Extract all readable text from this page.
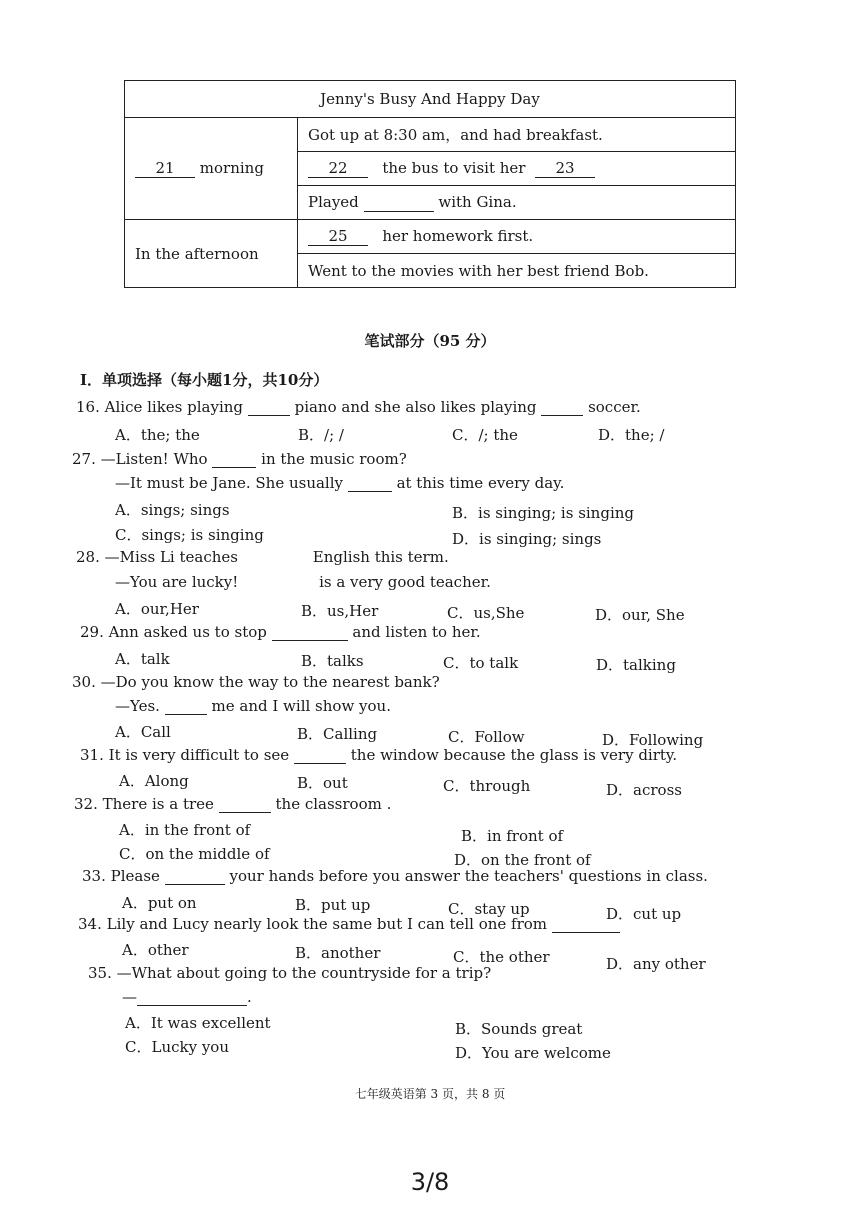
Jenny's Busy And Happy Day	
21 morning	Got up at 8:30 am，and had breakfast.
	22 the bus to visit her 23
	Played with Gina.
In the afternoon	25 her homework first.
	Went to the movies with her best friend Bob.
笔试部分（95 分）
Ⅰ．单项选择（每小题1分，共10分）
16. Alice likes playing	piano and she also likes playing	soccer.
A．the; the	B．/; /	C．/; the	D．the; /
27. —Listen! Who	in the music room?
—It must be Jane. She usually	at this time every day.
A．sings; sings	B．is singing; is singing
C．sings; is singing	D．is singing; sings
28. —Miss Li teaches	English this term.
—You are lucky!	is a very good teacher.
A．our,Her	B．us,Her	C．us,She	D．our, She
29. Ann asked us to stop	and listen to her.
A．talk	B．talks	C．to talk	D．talking
30. —Do you know the way to the nearest bank?
—Yes.	me and I will show you.
A．Call	B．Calling	C．Follow	D．Following
31. It is very difficult to see	the window because the glass is very dirty.
A．Along	B．out	C．through	D．across
32. There is a tree	the classroom .
A．in the front of	B．in front of
C．on the middle of	D．on the front of
33. Please	your hands before you answer the teachers' questions in class.
A．put on	B．put up	C．stay up	D．cut up
34. Lily and Lucy nearly look the same but I can tell one from
A．other	B．another	C．the other	D．any other
35. —What about going to the countryside for a trip?
—	.
A．It was excellent	B．Sounds great
C．Lucky you	D．You are welcome
七年级英语第 3 页，共 8 页
3/8
